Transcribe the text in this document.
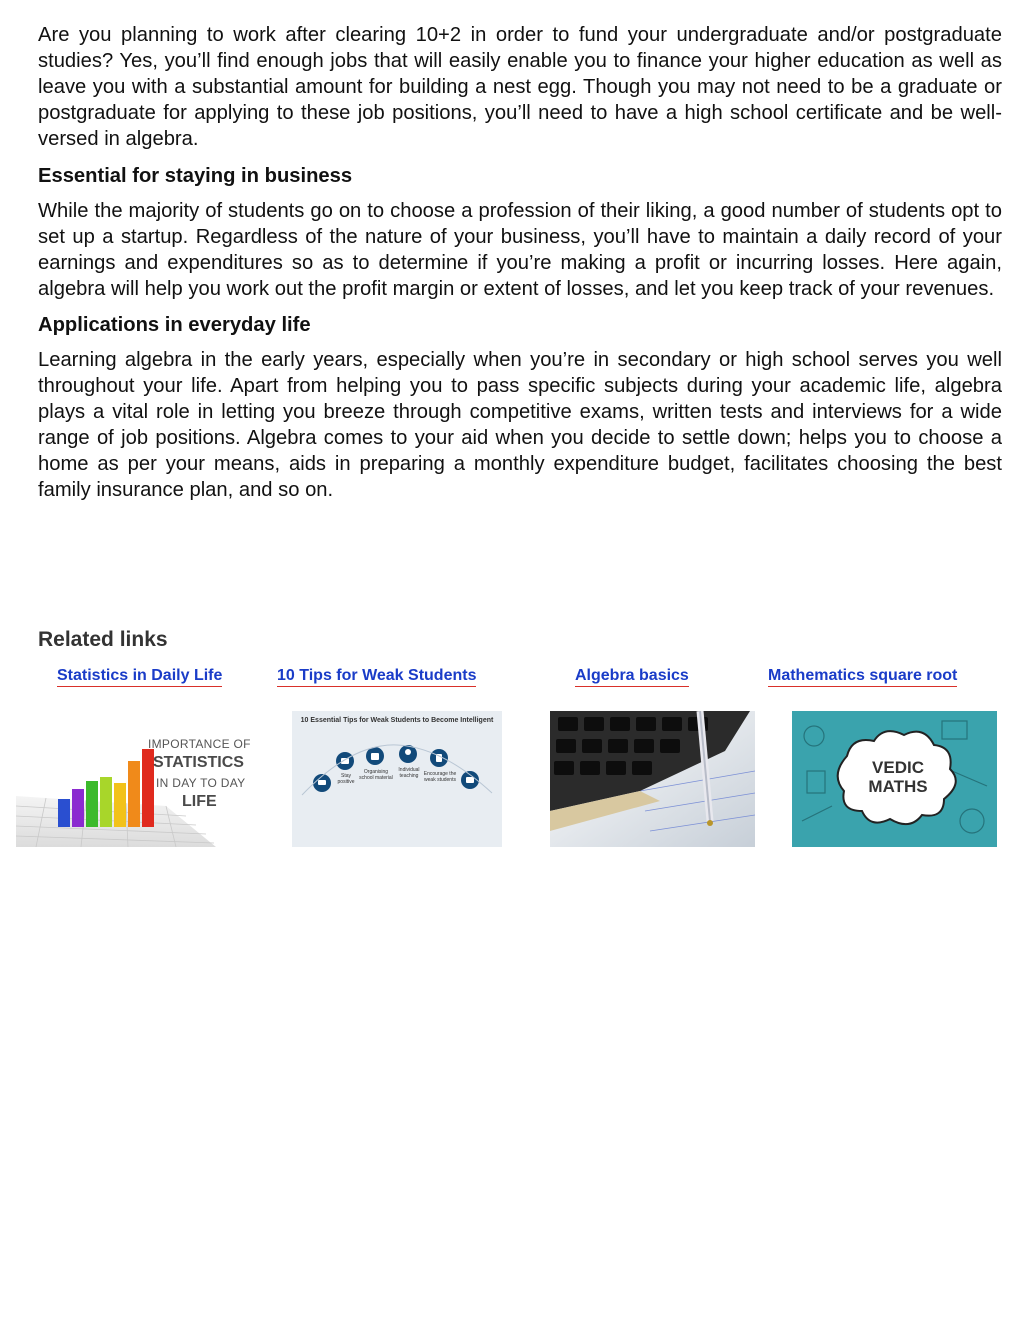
Are you planning to work after clearing 10+2 in order to fund your undergraduate and/or postgraduate studies? Yes, you’ll find enough jobs that will easily enable you to finance your higher education as well as leave you with a substantial amount for building a nest egg. Though you may not need to be a graduate or postgraduate for applying to these job positions, you’ll need to have a high school certificate and be well-versed in algebra.

Essential for staying in business

While the majority of students go on to choose a profession of their liking, a good number of students opt to set up a startup. Regardless of the nature of your business, you’ll have to maintain a daily record of your earnings and expenditures so as to determine if you’re making a profit or incurring losses. Here again, algebra will help you work out the profit margin or extent of losses, and let you keep track of your revenues.

Applications in everyday life

Learning algebra in the early years, especially when you’re in secondary or high school serves you well throughout your life. Apart from helping you to pass specific subjects during your academic life, algebra plays a vital role in letting you breeze through competitive exams, written tests and interviews for a wide range of job positions. Algebra comes to your aid when you decide to settle down; helps you to choose a home as per your means, aids in preparing a monthly expenditure budget, facilitates choosing the best family insurance plan, and so on.

Related links
Statistics in Daily Life	10 Tips for Weak Students	Algebra basics	Mathematics square root
IMPORTANCE OF
STATISTICS
IN DAY TO DAY
LIFE
10 Essential Tips for Weak Students to Become Intelligent
Stay positive
Organising school material
Individual teaching	Encourage the weak students
VEDIC
MATHS
